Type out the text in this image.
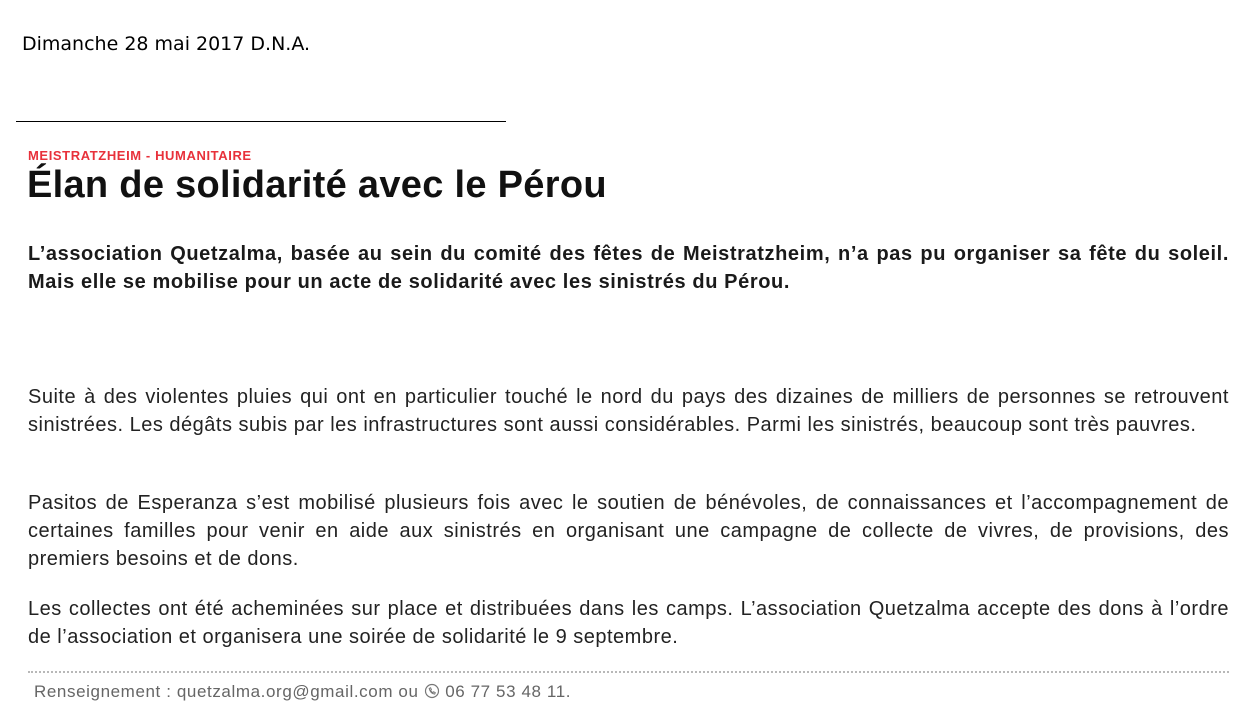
Dimanche 28 mai 2017 D.N.A.

MEISTRATZHEIM - HUMANITAIRE

Élan de solidarité avec le Pérou

L’association Quetzalma, basée au sein du comité des fêtes de Meistratzheim, n’a pas pu organiser sa fête du soleil. Mais elle se mobilise pour un acte de solidarité avec les sinistrés du Pérou.

Suite à des violentes pluies qui ont en particulier touché le nord du pays des dizaines de milliers de personnes se retrouvent sinistrées. Les dégâts subis par les infrastructures sont aussi considérables. Parmi les sinistrés, beaucoup sont très pauvres.

Pasitos de Esperanza s’est mobilisé plusieurs fois avec le soutien de bénévoles, de connaissances et l’accompagnement de certaines familles pour venir en aide aux sinistrés en organisant une campagne de collecte de vivres, de provisions, des premiers besoins et de dons.

Les collectes ont été acheminées sur place et distribuées dans les camps. L’association Quetzalma accepte des dons à l’ordre de l’association et organisera une soirée de solidarité le 9 septembre.

Renseignement : quetzalma.org@gmail.com ou 06 77 53 48 11.
